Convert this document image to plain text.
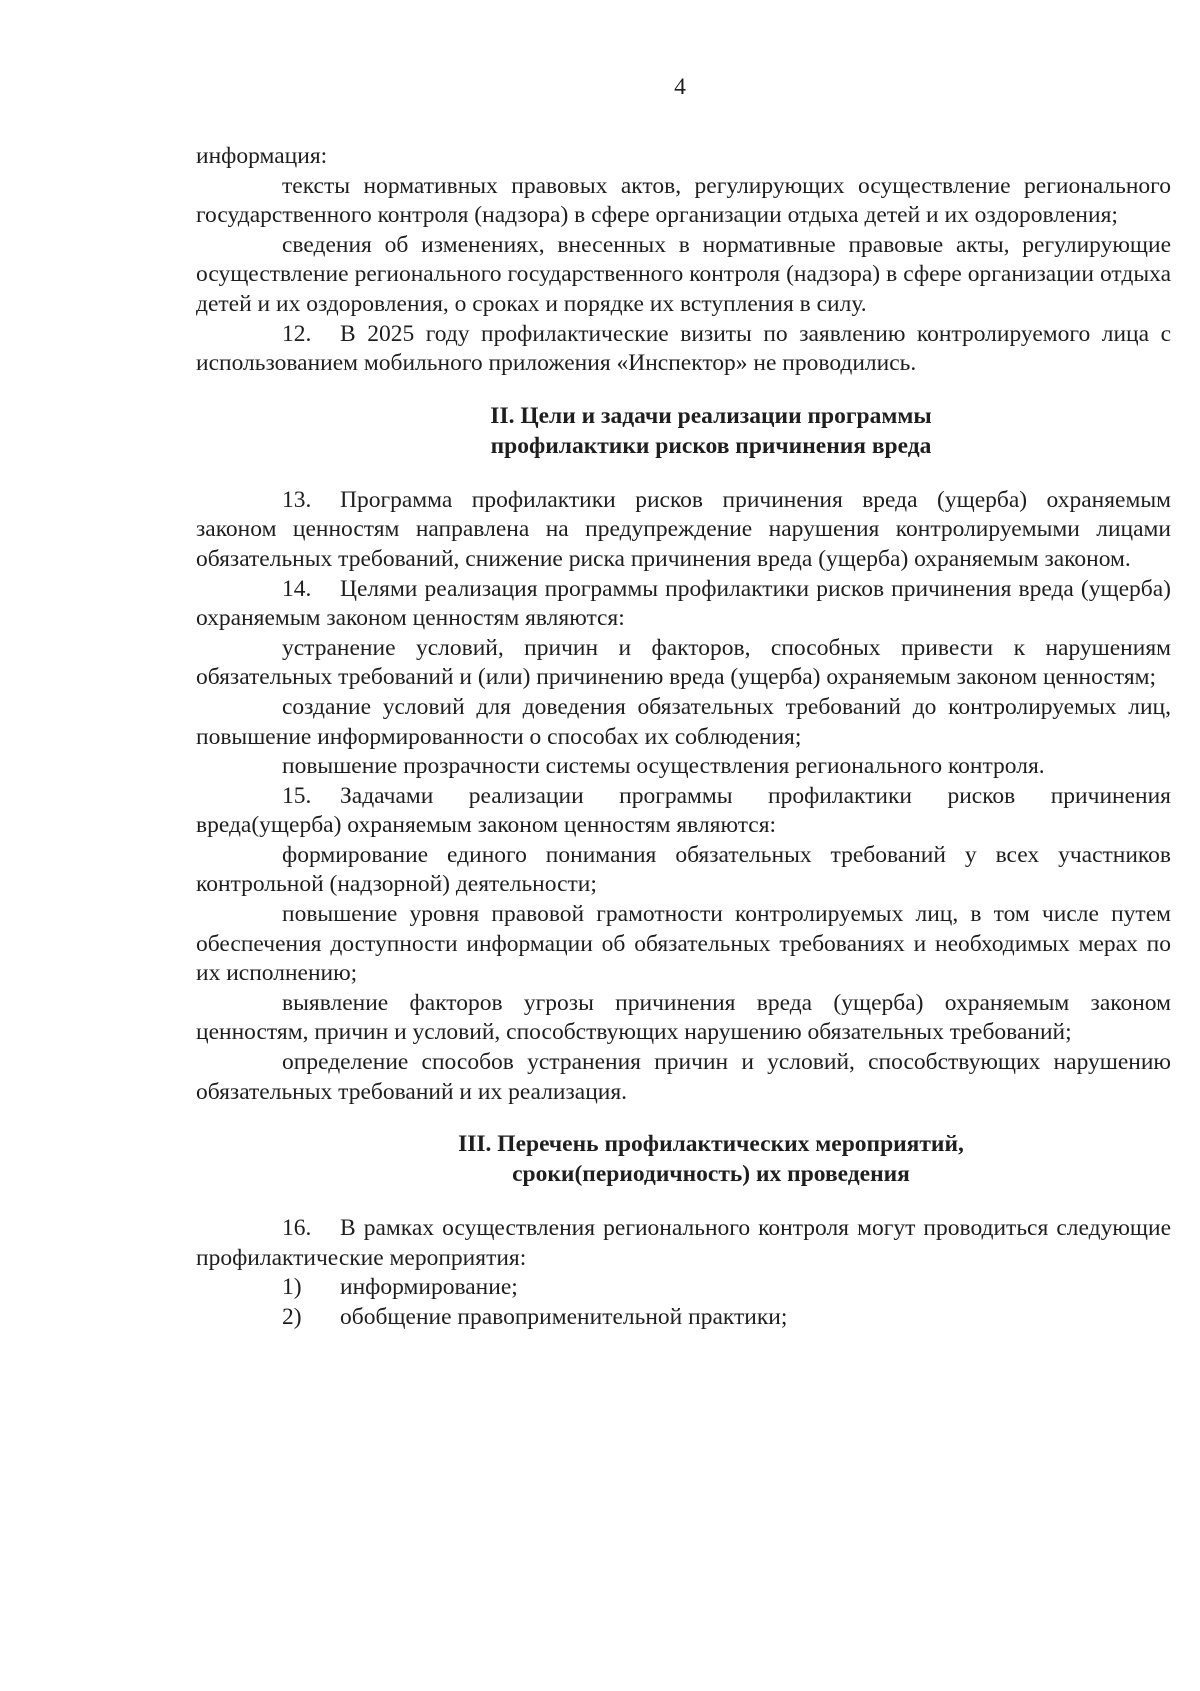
4

информация:

тексты нормативных правовых актов, регулирующих осуществление регионального государственного контроля (надзора) в сфере организации отдыха детей и их оздоровления;

сведения об изменениях, внесенных в нормативные правовые акты, регулирующие осуществление регионального государственного контроля (надзора) в сфере организации отдыха детей и их оздоровления, о сроках и порядке их вступления в силу.

12. В 2025 году профилактические визиты по заявлению контролируемого лица с использованием мобильного приложения «Инспектор» не проводились.

II. Цели и задачи реализации программы

профилактики рисков причинения вреда

13. Программа профилактики рисков причинения вреда (ущерба) охраняемым законом ценностям направлена на предупреждение нарушения контролируемыми лицами обязательных требований, снижение риска причинения вреда (ущерба) охраняемым законом.

14. Целями реализация программы профилактики рисков причинения вреда (ущерба) охраняемым законом ценностям являются:

устранение условий, причин и факторов, способных привести к нарушениям обязательных требований и (или) причинению вреда (ущерба) охраняемым законом ценностям;

создание условий для доведения обязательных требований до контролируемых лиц, повышение информированности о способах их соблюдения;

повышение прозрачности системы осуществления регионального контроля.

15. Задачами реализации программы профилактики рисков причинения вреда(ущерба) охраняемым законом ценностям являются:

формирование единого понимания обязательных требований у всех участников контрольной (надзорной) деятельности;

повышение уровня правовой грамотности контролируемых лиц, в том числе путем обеспечения доступности информации об обязательных требованиях и необходимых мерах по их исполнению;

выявление факторов угрозы причинения вреда (ущерба) охраняемым законом ценностям, причин и условий, способствующих нарушению обязательных требований;

определение способов устранения причин и условий, способствующих нарушению обязательных требований и их реализация.

III. Перечень профилактических мероприятий,

сроки(периодичность) их проведения

16. В рамках осуществления регионального контроля могут проводиться следующие профилактические мероприятия:

1) информирование;

2) обобщение правоприменительной практики;
